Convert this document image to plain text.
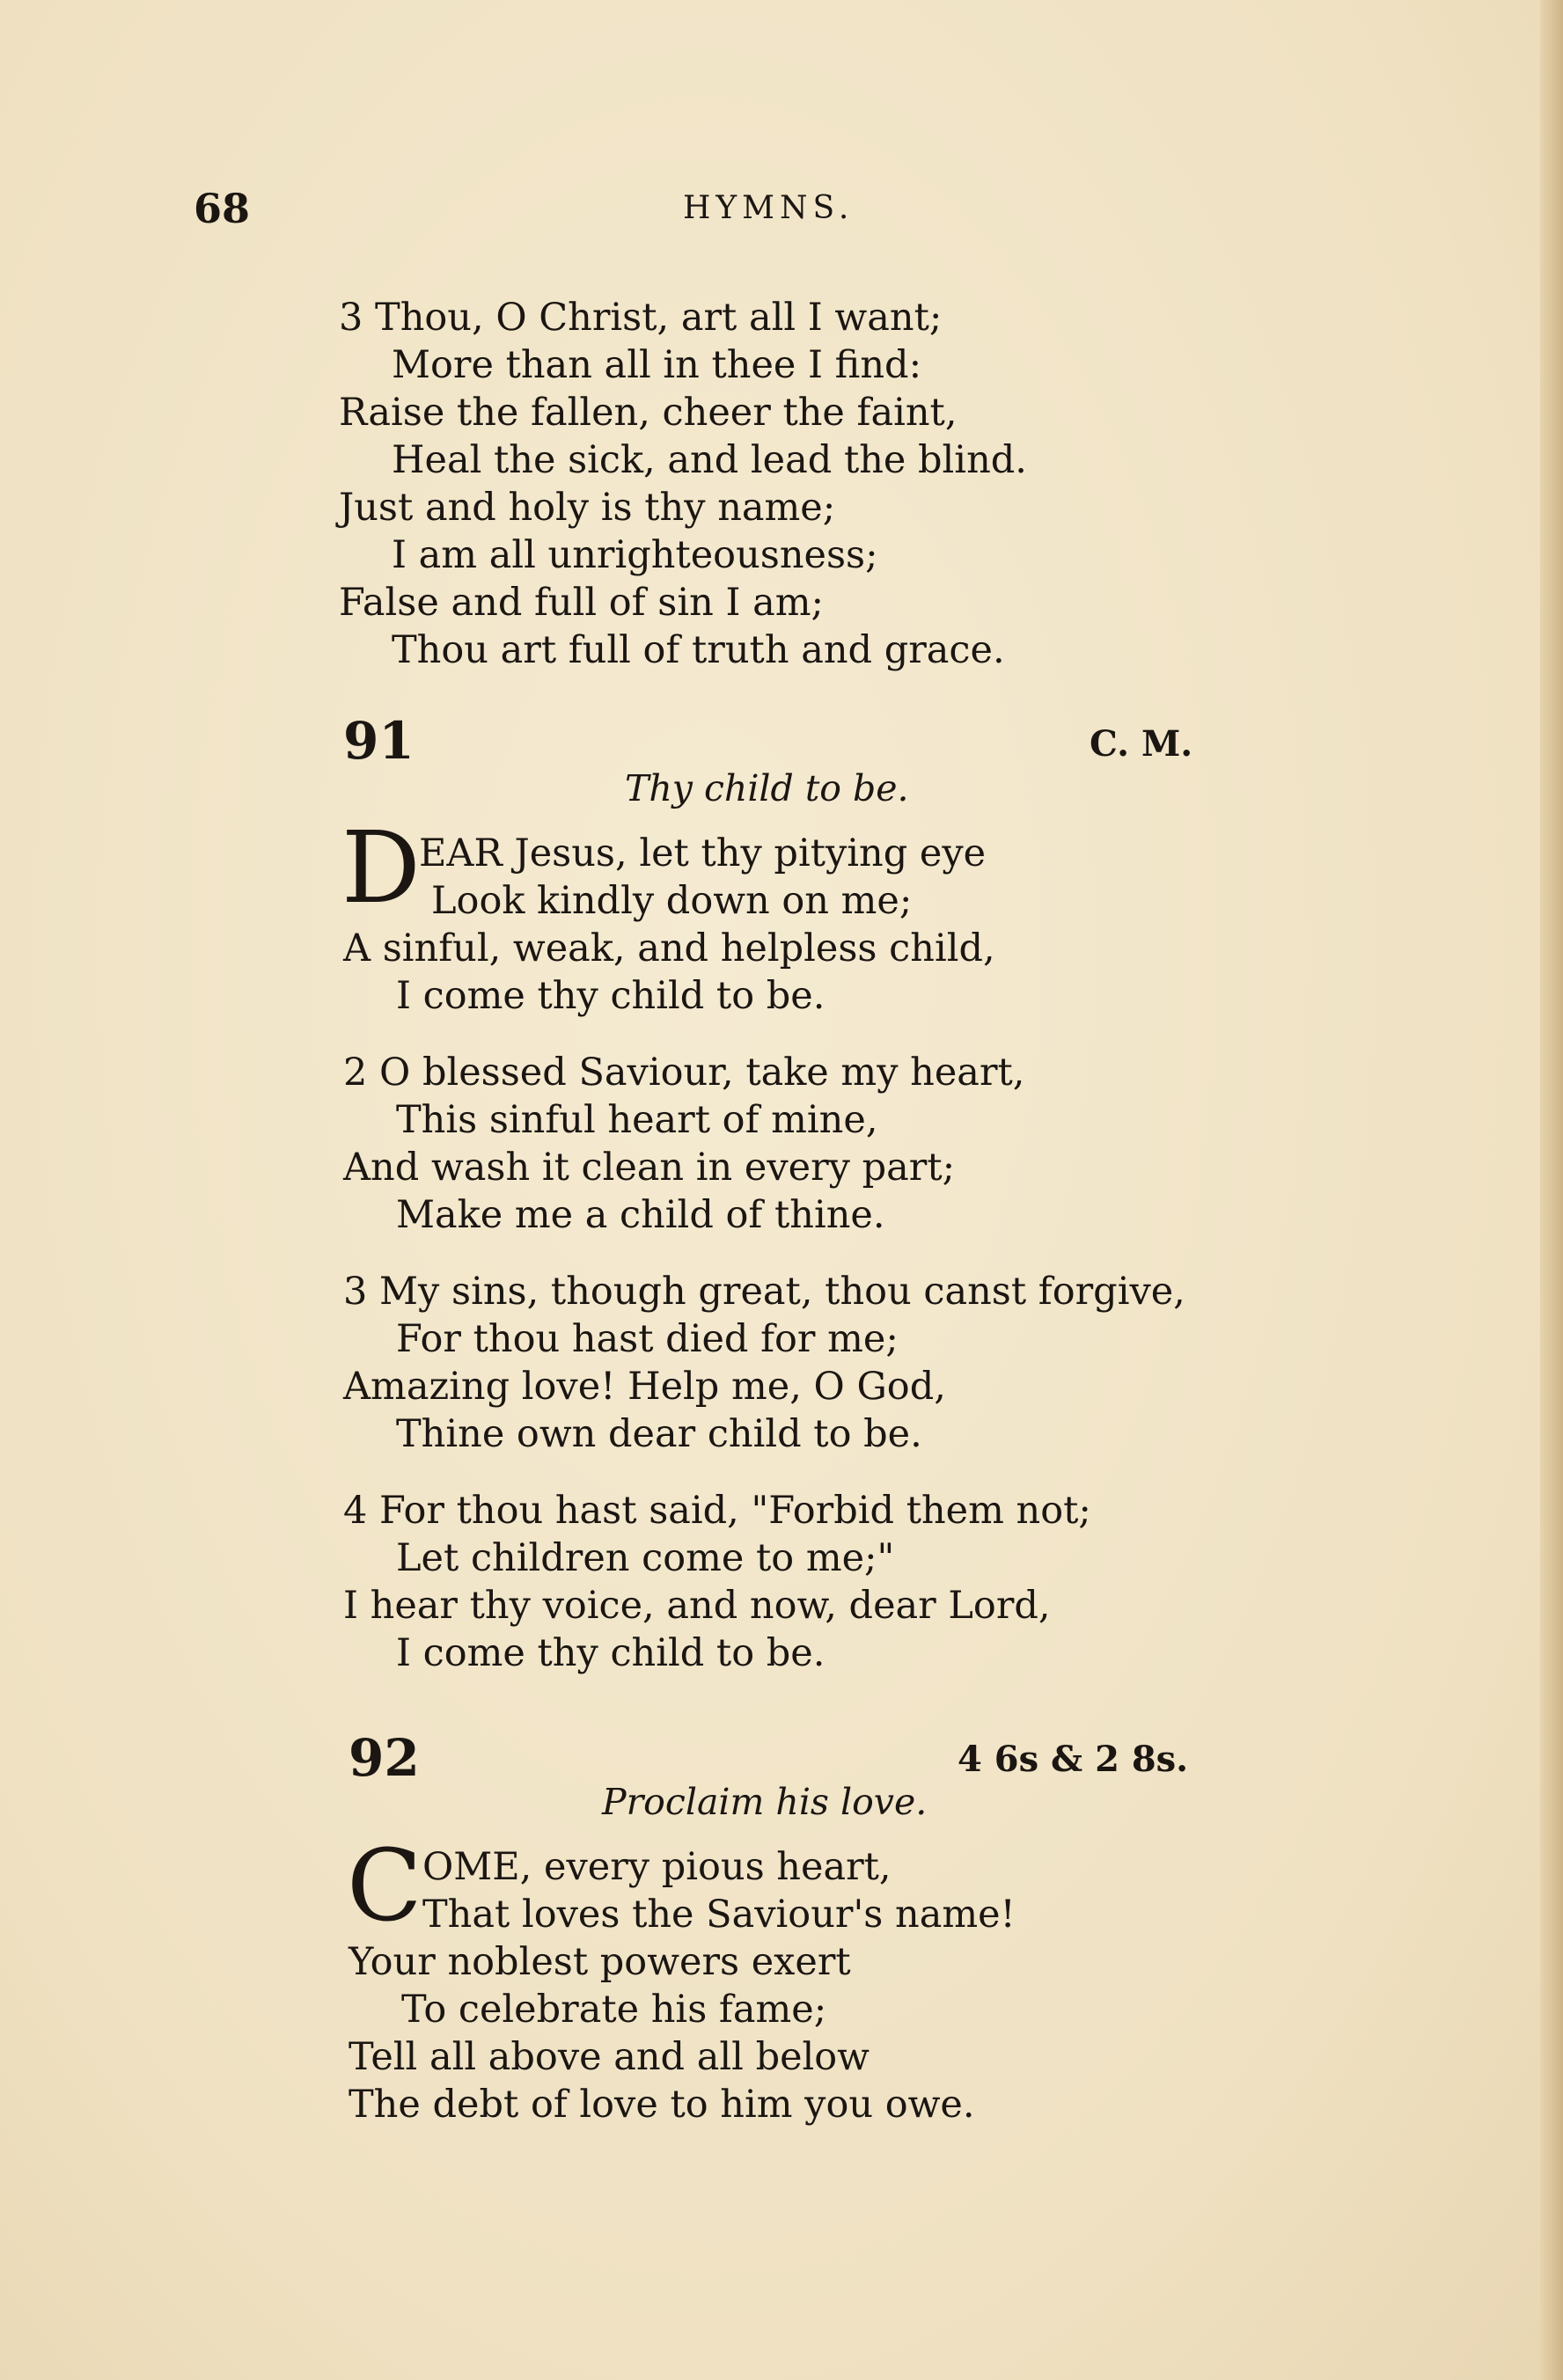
68	HYMNS.
3 Thou, O Christ, art all I want;
More than all in thee I find:
Raise the fallen, cheer the faint,
Heal the sick, and lead the blind.
Just and holy is thy name;
I am all unrighteousness;
False and full of sin I am;
Thou art full of truth and grace.
91	C. M.
Thy child to be.
D
EAR Jesus, let thy pitying eye
Look kindly down on me;
A sinful, weak, and helpless child,
I come thy child to be.
2 O blessed Saviour, take my heart,
This sinful heart of mine,
And wash it clean in every part;
Make me a child of thine.
3 My sins, though great, thou canst forgive,
For thou hast died for me;
Amazing love! Help me, O God,
Thine own dear child to be.
4 For thou hast said, "Forbid them not;
Let children come to me;"
I hear thy voice, and now, dear Lord,
I come thy child to be.
92	4 6s & 2 8s.
Proclaim his love.
C OME, every pious heart,
That loves the Saviour's name!
Your noblest powers exert
To celebrate his fame;
Tell all above and all below
The debt of love to him you owe.
